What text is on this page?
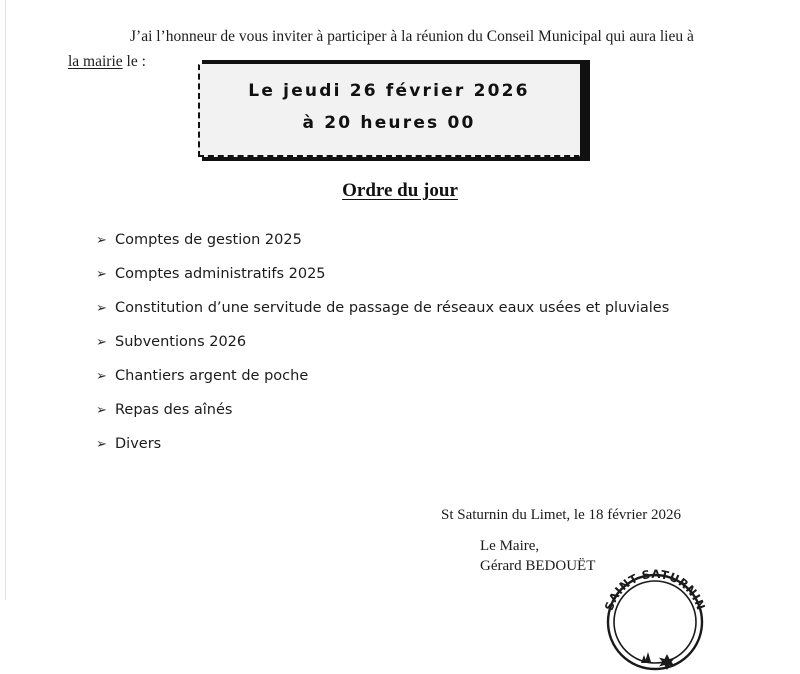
J’ai l’honneur de vous inviter à participer à la réunion du Conseil Municipal qui aura lieu à
la mairie le :

Le jeudi 26 février 2026
à 20 heures 00
Ordre du jour
➢ Comptes de gestion 2025
➢ Comptes administratifs 2025
➢ Constitution d’une servitude de passage de réseaux eaux usées et pluviales
➢ Subventions 2026
➢ Chantiers argent de poche
➢ Repas des aînés
➢ Divers
St Saturnin du Limet, le 18 février 2026
Le Maire,
Gérard BEDOUËT
SAINT-SATURNIN
